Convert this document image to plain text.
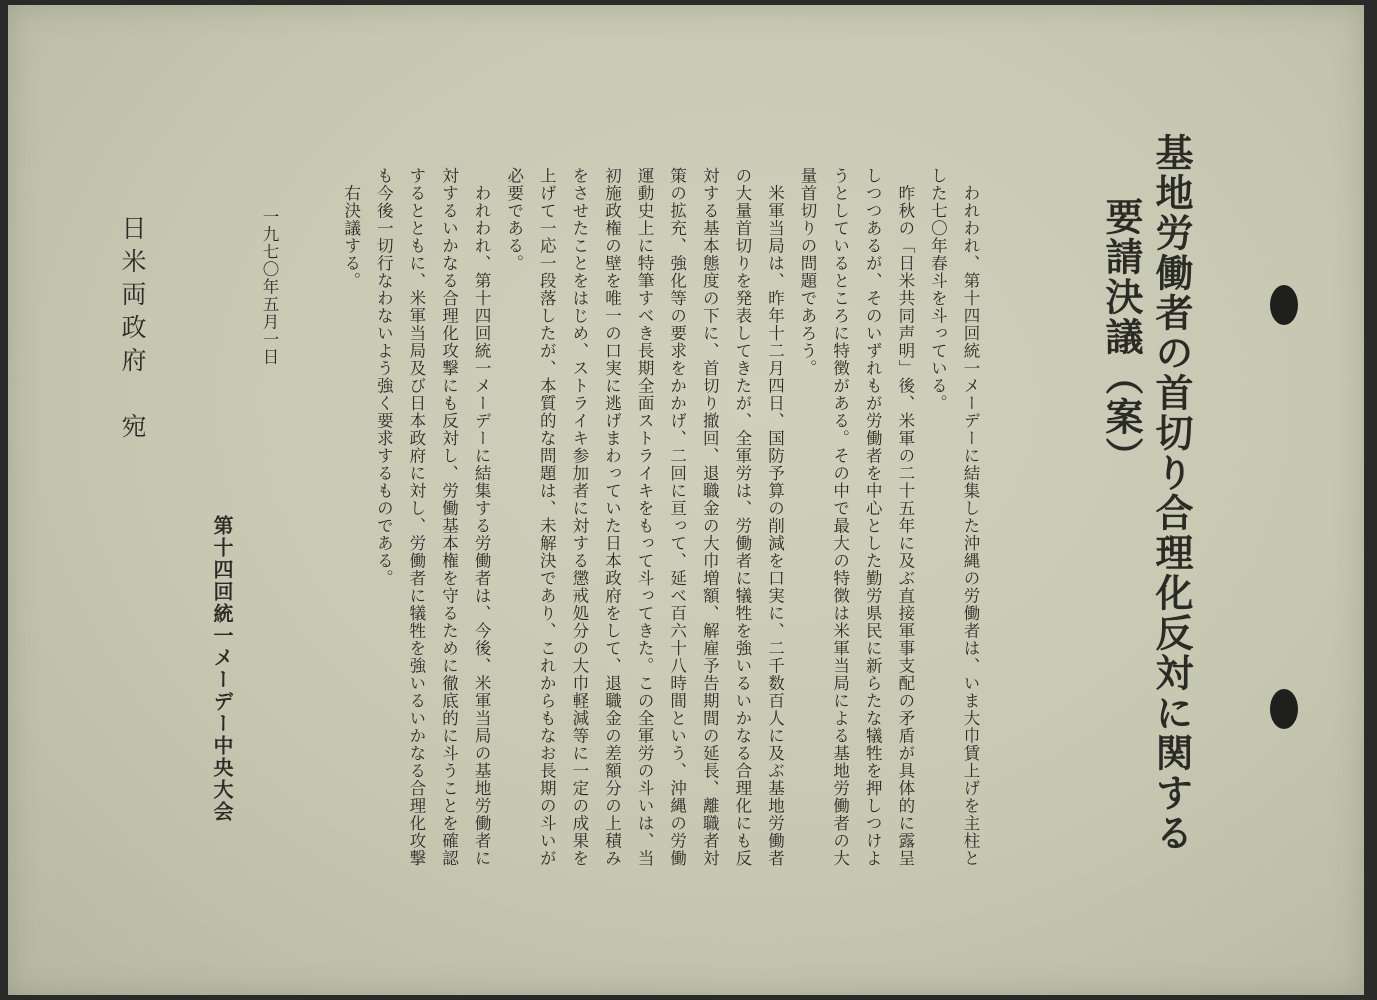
基地労働者の首切り合理化反対に関する
要請決議（案）
　われわれ、第十四回統一メーデーに結集した沖縄の労働者は、いま大巾賃上げを主柱と
した七〇年春斗を斗っている。
　昨秋の「日米共同声明」後、米軍の二十五年に及ぶ直接軍事支配の矛盾が具体的に露呈
しつつあるが、そのいずれもが労働者を中心とした勤労県民に新らたな犠牲を押しつけよ
うとしているところに特徴がある。その中で最大の特徴は米軍当局による基地労働者の大
量首切りの問題であろう。
　米軍当局は、昨年十二月四日、国防予算の削減を口実に、二千数百人に及ぶ基地労働者
の大量首切りを発表してきたが、全軍労は、労働者に犠牲を強いるいかなる合理化にも反
対する基本態度の下に、首切り撤回、退職金の大巾増額、解雇予告期間の延長、離職者対
策の拡充、強化等の要求をかかげ、二回に亘って、延べ百六十八時間という、沖縄の労働
運動史上に特筆すべき長期全面ストライキをもって斗ってきた。この全軍労の斗いは、当
初施政権の壁を唯一の口実に逃げまわっていた日本政府をして、退職金の差額分の上積み
をさせたことをはじめ、ストライキ参加者に対する懲戒処分の大巾軽減等に一定の成果を
上げて一応一段落したが、本質的な問題は、未解決であり、これからもなお長期の斗いが
必要である。
　われわれ、第十四回統一メーデーに結集する労働者は、今後、米軍当局の基地労働者に
対するいかなる合理化攻撃にも反対し、労働基本権を守るために徹底的に斗うことを確認
するとともに、米軍当局及び日本政府に対し、労働者に犠牲を強いるいかなる合理化攻撃
も今後一切行なわないよう強く要求するものである。
　右決議する。
一九七〇年五月一日
第十四回統一メーデー中央大会
日米両政府　宛
